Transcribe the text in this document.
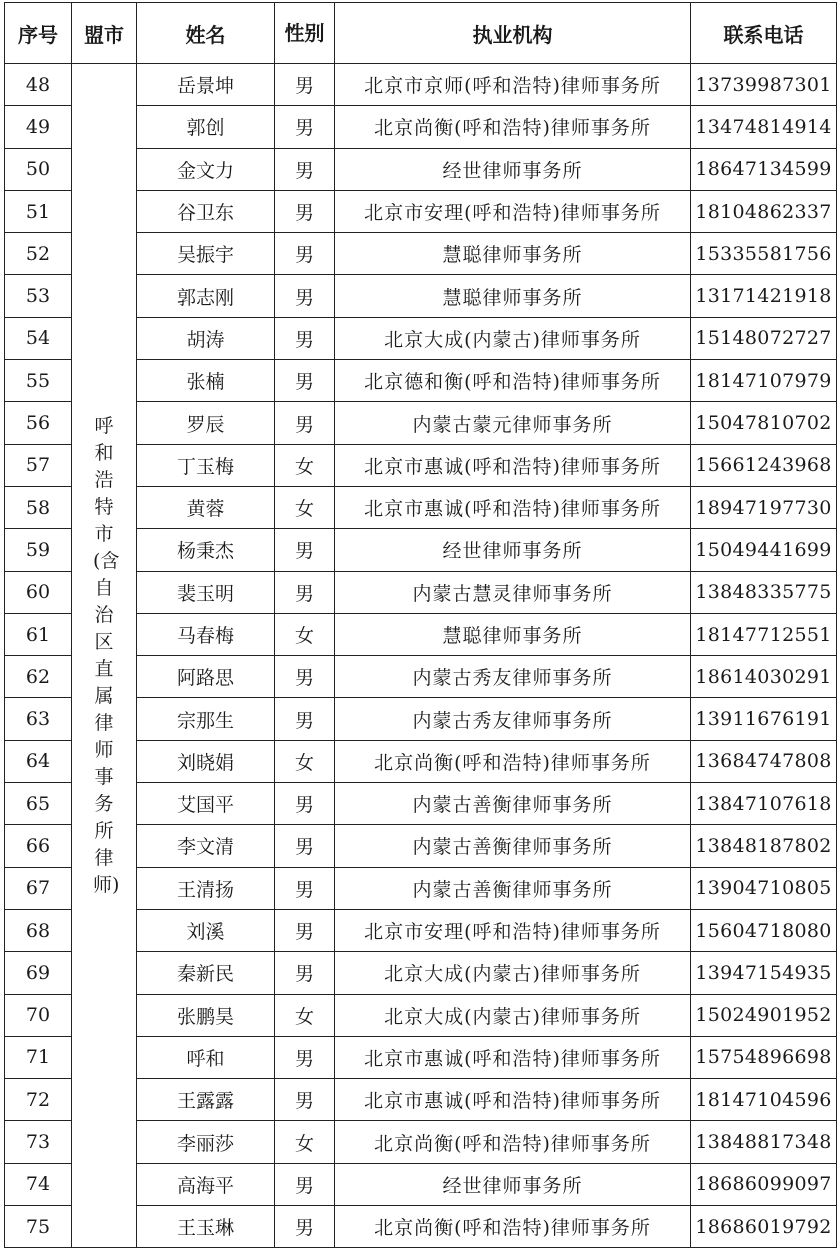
序号	盟市	姓名	性别	执业机构	联系电话
48	呼和浩特市(含自治区直属律师事务所律师)	岳景坤	男	北京市京师(呼和浩特)律师事务所	13739987301
49		郭创	男	北京尚衡(呼和浩特)律师事务所	13474814914
50		金文力	男	经世律师事务所	18647134599
51		谷卫东	男	北京市安理(呼和浩特)律师事务所	18104862337
52		吴振宇	男	慧聪律师事务所	15335581756
53		郭志刚	男	慧聪律师事务所	13171421918
54		胡涛	男	北京大成(内蒙古)律师事务所	15148072727
55		张楠	男	北京德和衡(呼和浩特)律师事务所	18147107979
56		罗辰	男	内蒙古蒙元律师事务所	15047810702
57		丁玉梅	女	北京市惠诚(呼和浩特)律师事务所	15661243968
58		黄蓉	女	北京市惠诚(呼和浩特)律师事务所	18947197730
59		杨秉杰	男	经世律师事务所	15049441699
60		裴玉明	男	内蒙古慧灵律师事务所	13848335775
61		马春梅	女	慧聪律师事务所	18147712551
62		阿路思	男	内蒙古秀友律师事务所	18614030291
63		宗那生	男	内蒙古秀友律师事务所	13911676191
64		刘晓娟	女	北京尚衡(呼和浩特)律师事务所	13684747808
65		艾国平	男	内蒙古善衡律师事务所	13847107618
66		李文清	男	内蒙古善衡律师事务所	13848187802
67		王清扬	男	内蒙古善衡律师事务所	13904710805
68		刘溪	男	北京市安理(呼和浩特)律师事务所	15604718080
69		秦新民	男	北京大成(内蒙古)律师事务所	13947154935
70		张鹏昊	女	北京大成(内蒙古)律师事务所	15024901952
71		呼和	男	北京市惠诚(呼和浩特)律师事务所	15754896698
72		王露露	男	北京市惠诚(呼和浩特)律师事务所	18147104596
73		李丽莎	女	北京尚衡(呼和浩特)律师事务所	13848817348
74		高海平	男	经世律师事务所	18686099097
75		王玉琳	男	北京尚衡(呼和浩特)律师事务所	18686019792
